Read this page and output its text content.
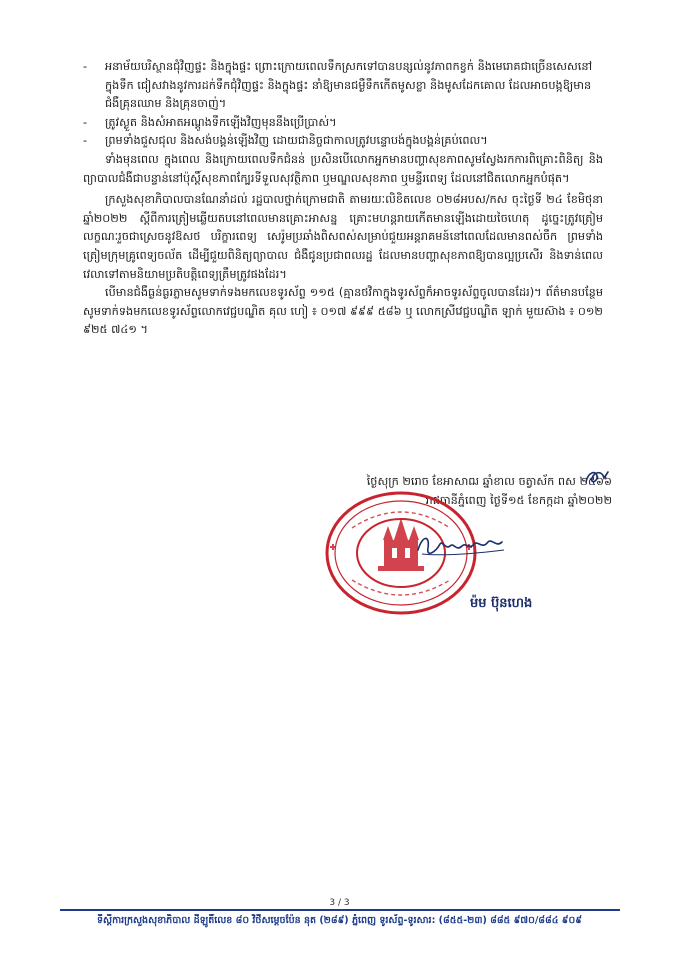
- អនាម័យបរិស្ថានជុំវិញផ្ទះ និងក្នុងផ្ទះ ព្រោះក្រោយពេលទឹកស្រកទៅបានបន្សល់នូវភាពកខ្វក់ និងមេរោគជាច្រើនសេសនៅក្នុងទឹក ជៀសវាងនូវការដក់ទឹកជុំវិញផ្ទះ និងក្នុងផ្ទះ នាំឱ្យមានជម្ងឺទឹកកើតមូសខ្លា និងមូសដែកគោល ដែលអាចបង្កឱ្យមានជំងឺគ្រុនឈាម និងគ្រុនចាញ់។

- ត្រូវស្ងួត និងសំអាតអណ្ដូងទឹកឡើងវិញមុននឹងប្រើប្រាស់។

- ព្រមទាំងជួសជុល និងសង់បង្គន់ឡើងវិញ ដោយជានិច្ចជាកាលត្រូវបន្ទោបង់ក្នុងបង្គន់គ្រប់ពេល។

ទាំងមុនពេល ក្នុងពេល និងក្រោយពេលទឹកជំនន់ ប្រសិនបើលោកអ្នកមានបញ្ហាសុខភាពសូមស្វែងរកការពិគ្រោះពិនិត្យ និង ព្យាបាលជំងឺជាបន្ទាន់នៅប៉ុស្តិ៍សុខភាពក្បែរទីទួលសុវត្ថិភាព ឬមណ្ឌលសុខភាព ឬមន្ទីរពេទ្យ ដែលនៅជិតលោកអ្នកបំផុត។

ក្រសួងសុខាភិបាលបានណែនាំដល់ រដ្ឋបាលថ្នាក់ក្រោមជាតិ តាមរយៈលិខិតលេខ ០២៨អបស/កស ចុះថ្ងៃទី ២៤ ខែមិថុនា ឆ្នាំ២០២២ ស្ដីពីការត្រៀមឆ្លើយតបនៅពេលមានគ្រោះអាសន្ន គ្រោះមហន្តរាយកើតមានឡើងដោយចៃហេតុ ដូច្នេះត្រូវត្រៀមលក្ខណៈរួចជាស្រេចនូវឱសថ បរិក្ខារពេទ្យ សេរ៉ូមប្រឆាំងពិសពស់សម្រាប់ជួយអន្តរាគមន៍នៅពេលដែលមានពស់ចឹក ព្រមទាំងត្រៀមក្រុមគ្រូពេទ្យចល័ត ដើម្បីជួយពិនិត្យព្យាបាល ជំងឺជូនប្រជាពលរដ្ឋ ដែលមានបញ្ហាសុខភាពឱ្យបានល្អប្រសើរ និងទាន់ពេលវេលាទៅតាមនិយាមប្រតិបត្តិពេទ្យត្រឹមត្រូវផងដែរ។

បើមានជំងឺធ្ងន់ធ្ងរភ្លាមសូមទាក់ទងមកលេខទូរស័ព្ទ ១១៥ (គ្មានថវិកាក្នុងទូរស័ព្ទក៏អាចទូរស័ព្ទចូលបានដែរ)។ ព័ត៌មានបន្ថែម សូមទាក់ទងមកលេខទូរស័ព្ទលោកវេជ្ជបណ្ឌិត គុល ហៀ ៖ ០១៧ ៩៩៩ ៥៨៦ ឬ លោកស្រីវេជ្ជបណ្ឌិត ឡាក់ មួយស៊ាង ៖ ០១២ ៩២៥ ៧៤១ ។

ថ្ងៃសុក្រ ២រោច ខែអាសាឍ ឆ្នាំខាល ចត្វាស័ក ពស ២៥៦៦
រាជធានីភ្នំពេញ ថ្ងៃទី១៥ ខែកក្កដា ឆ្នាំ២០២២
ម៉ម ប៊ុនហេង
3 / 3
ទីស្ដីការក្រសួងសុខាភិបាល ដីឡូតិ៍លេខ ៨០ វិថីសម្ដេចប៉ែន នុត (២៨៩) ភ្នំពេញ ទូរស័ព្ទ-ទូរសារ: (៨៥៥-២៣) ៨៨៥ ៩៧០/៨៨៤ ៩០៩
